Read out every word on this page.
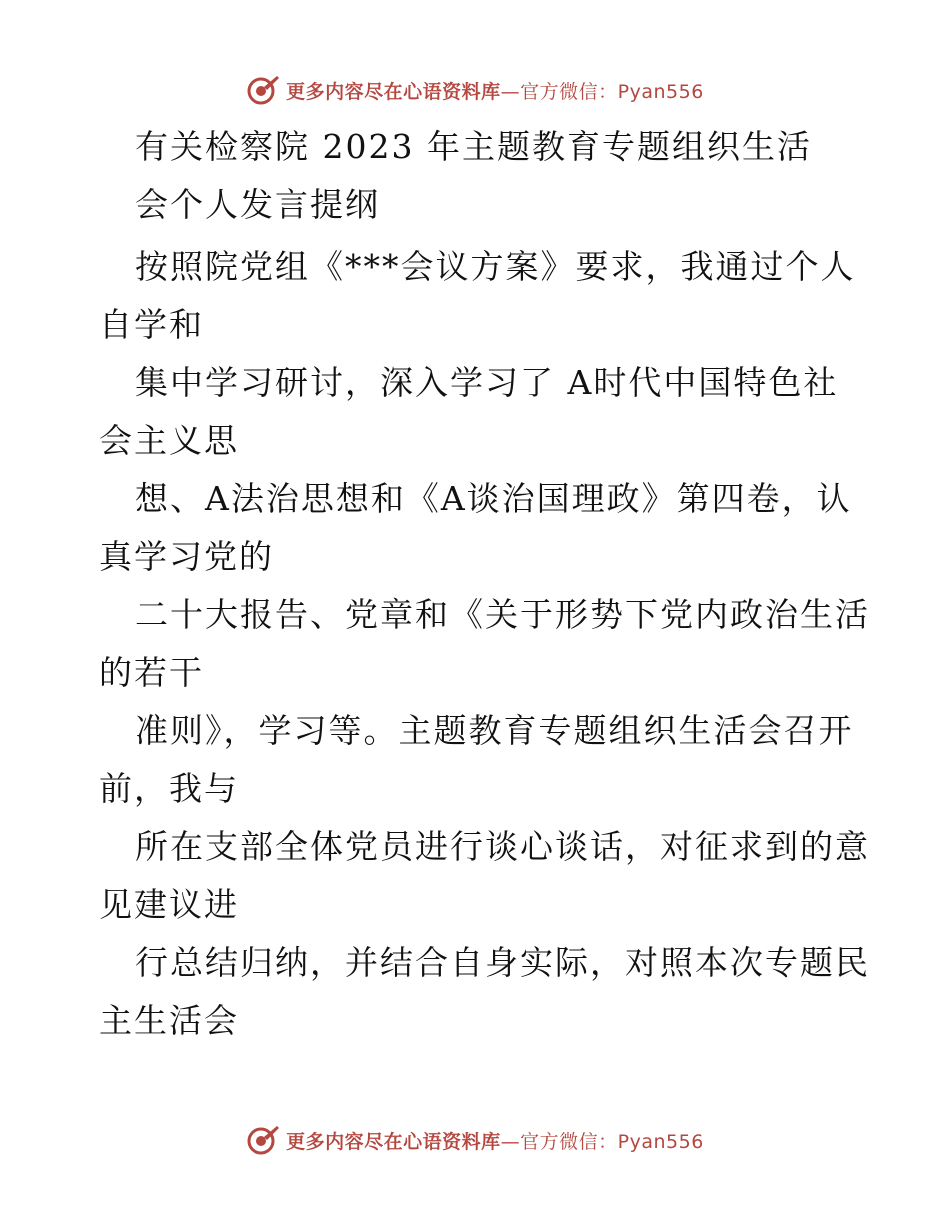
更多内容尽在心语资料库—官方微信：Pyan556
有关检察院 2023 年主题教育专题组织生活
会个人发言提纲
按照院党组《***会议方案》要求，我通过个人
自学和
集中学习研讨，深入学习了 A时代中国特色社
会主义思
想、A法治思想和《A谈治国理政》第四卷，认
真学习党的
二十大报告、党章和《关于形势下党内政治生活
的若干
准则》，学习等。主题教育专题组织生活会召开
前，我与
所在支部全体党员进行谈心谈话，对征求到的意
见建议进
行总结归纳，并结合自身实际，对照本次专题民
主生活会
更多内容尽在心语资料库—官方微信：Pyan556
